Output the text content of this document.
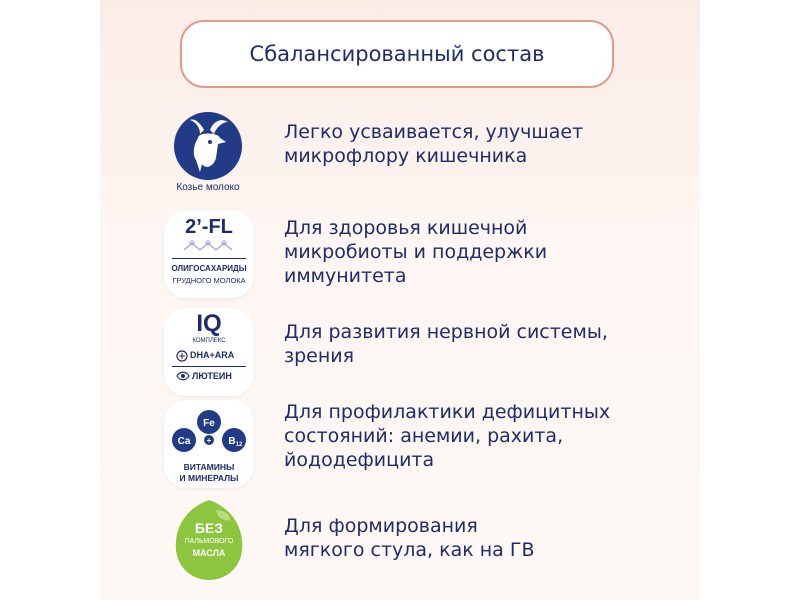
Сбалансированный состав
Козье молоко
Легко усваивается, улучшает
микрофлору кишечника
2’-FL
ОЛИГОСАХАРИДЫ
ГРУДНОГО МОЛОКА
Для здоровья кишечной
микробиоты и поддержки
иммунитета
IQ
КОМПЛЕКС
DHA+ARA
ЛЮТЕИН
Для развития нервной системы,
зрения
Ca
Fe
B 12
+
ВИТАМИНЫ
И МИНЕРАЛЫ
Для профилактики дефицитных
состояний: анемии, рахита,
йододефицита
БЕЗ
ПАЛЬМОВОГО
МАСЛА
Для формирования
мягкого стула, как на ГВ
